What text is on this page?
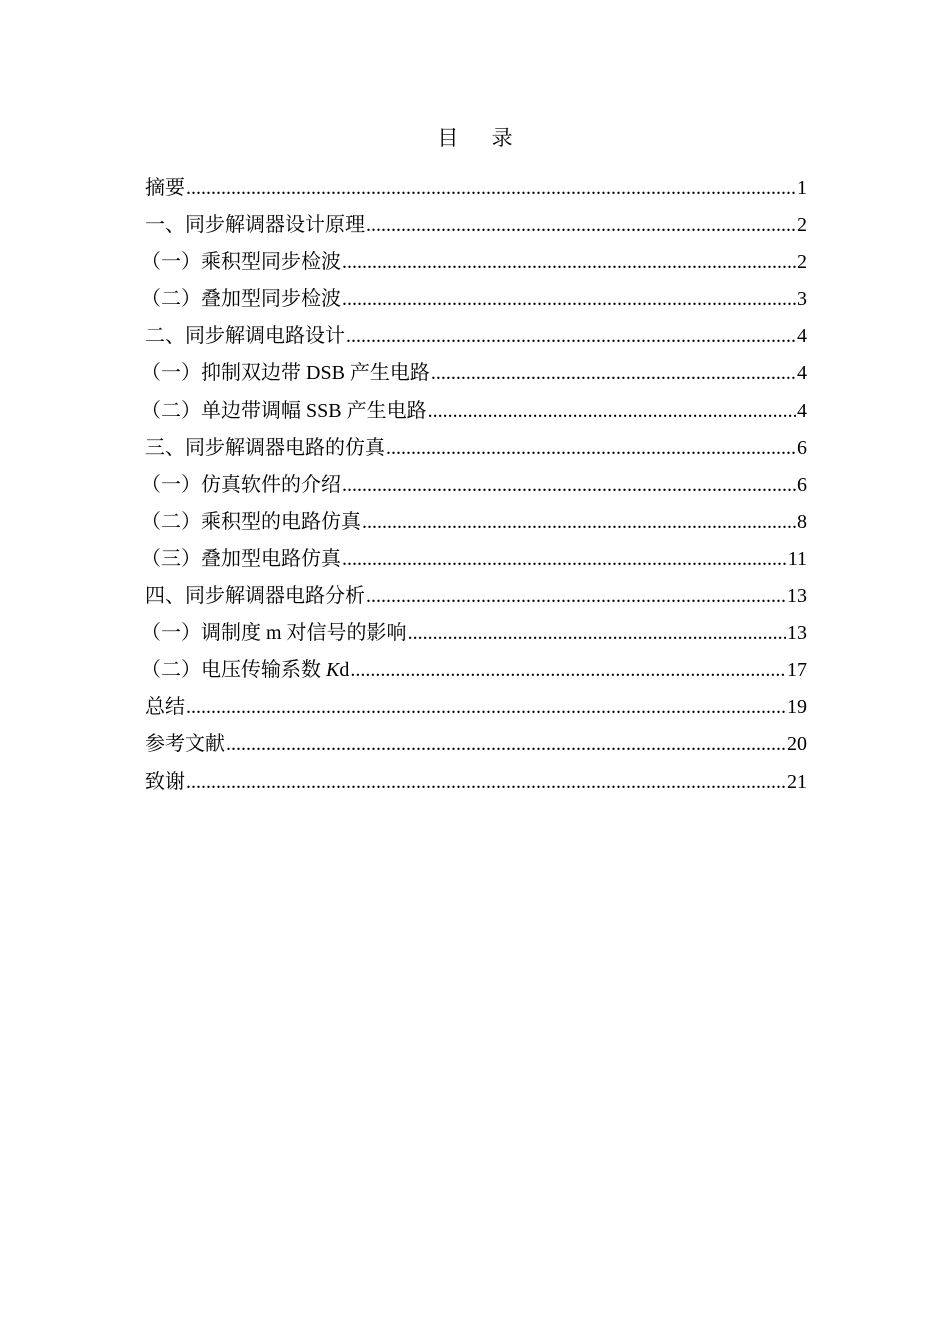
目 录
摘要 .....	1
一、同步解调器设计原理 .....	2
（一）乘积型同步检波 .....	2
（二）叠加型同步检波 .....	3
二、同步解调电路设计 .....	4
（一）抑制双边带 DSB 产生电路 .....	4
（二）单边带调幅 SSB 产生电路 .....	4
三、同步解调器电路的仿真 .....	6
（一）仿真软件的介绍 .....	6
（二）乘积型的电路仿真 .....	8
（三）叠加型电路仿真 .....	11
四、同步解调器电路分析 .....	13
（一）调制度 m 对信号的影响 .....	13
（二）电压传输系数 Kd .....	17
总结 .....	19
参考文献 .....	20
致谢 .....	21
